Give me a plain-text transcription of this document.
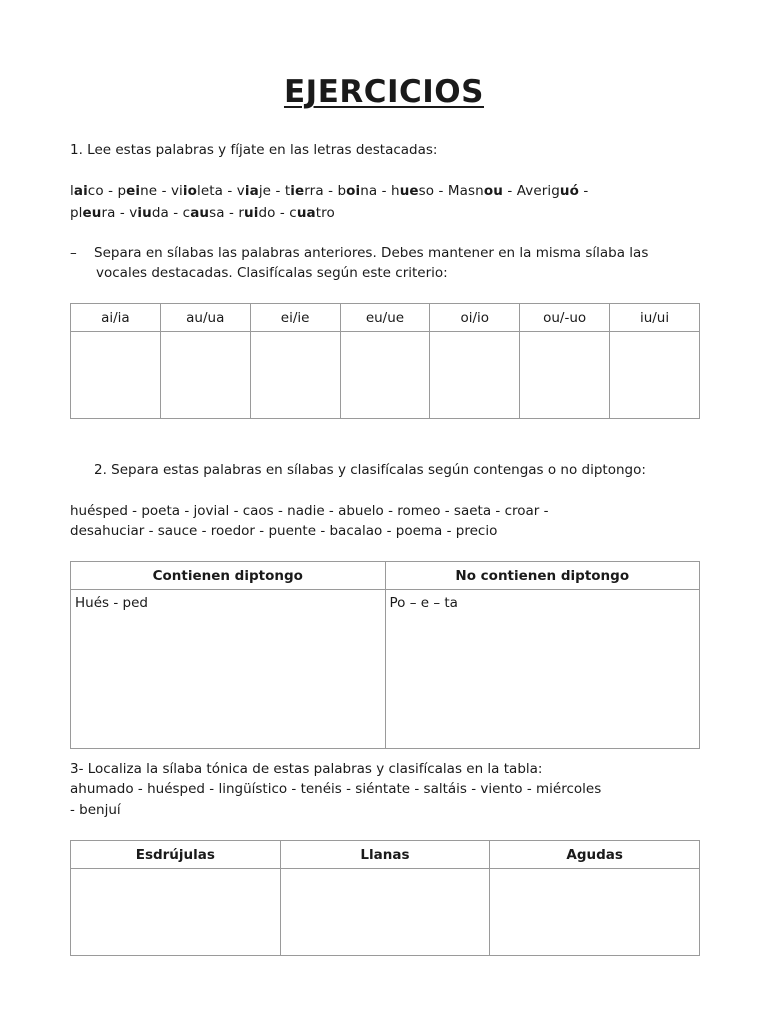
EJERCICIOS
1. Lee estas palabras y fíjate en las letras destacadas:
laico - peine - viioleta - viaje - tierra - boina - hueso - Masnou - Averiguó -
pleura - viuda - causa - ruido - cuatro
– Separa en sílabas las palabras anteriores. Debes mantener en la misma sílaba las
vocales destacadas. Clasifícalas según este criterio:
ai/ia	au/ua	ei/ie	eu/ue	oi/io	ou/-uo	iu/ui

2. Separa estas palabras en sílabas y clasifícalas según contengas o no diptongo:
huésped - poeta - jovial - caos - nadie - abuelo - romeo - saeta - croar -
desahuciar - sauce - roedor - puente - bacalao - poema - precio
Contienen diptongo	No contienen diptongo
Hués - ped	Po – e – ta
3- Localiza la sílaba tónica de estas palabras y clasifícalas en la tabla:
ahumado - huésped - lingüístico - tenéis - siéntate - saltáis - viento - miércoles
- benjuí
Esdrújulas	Llanas	Agudas
